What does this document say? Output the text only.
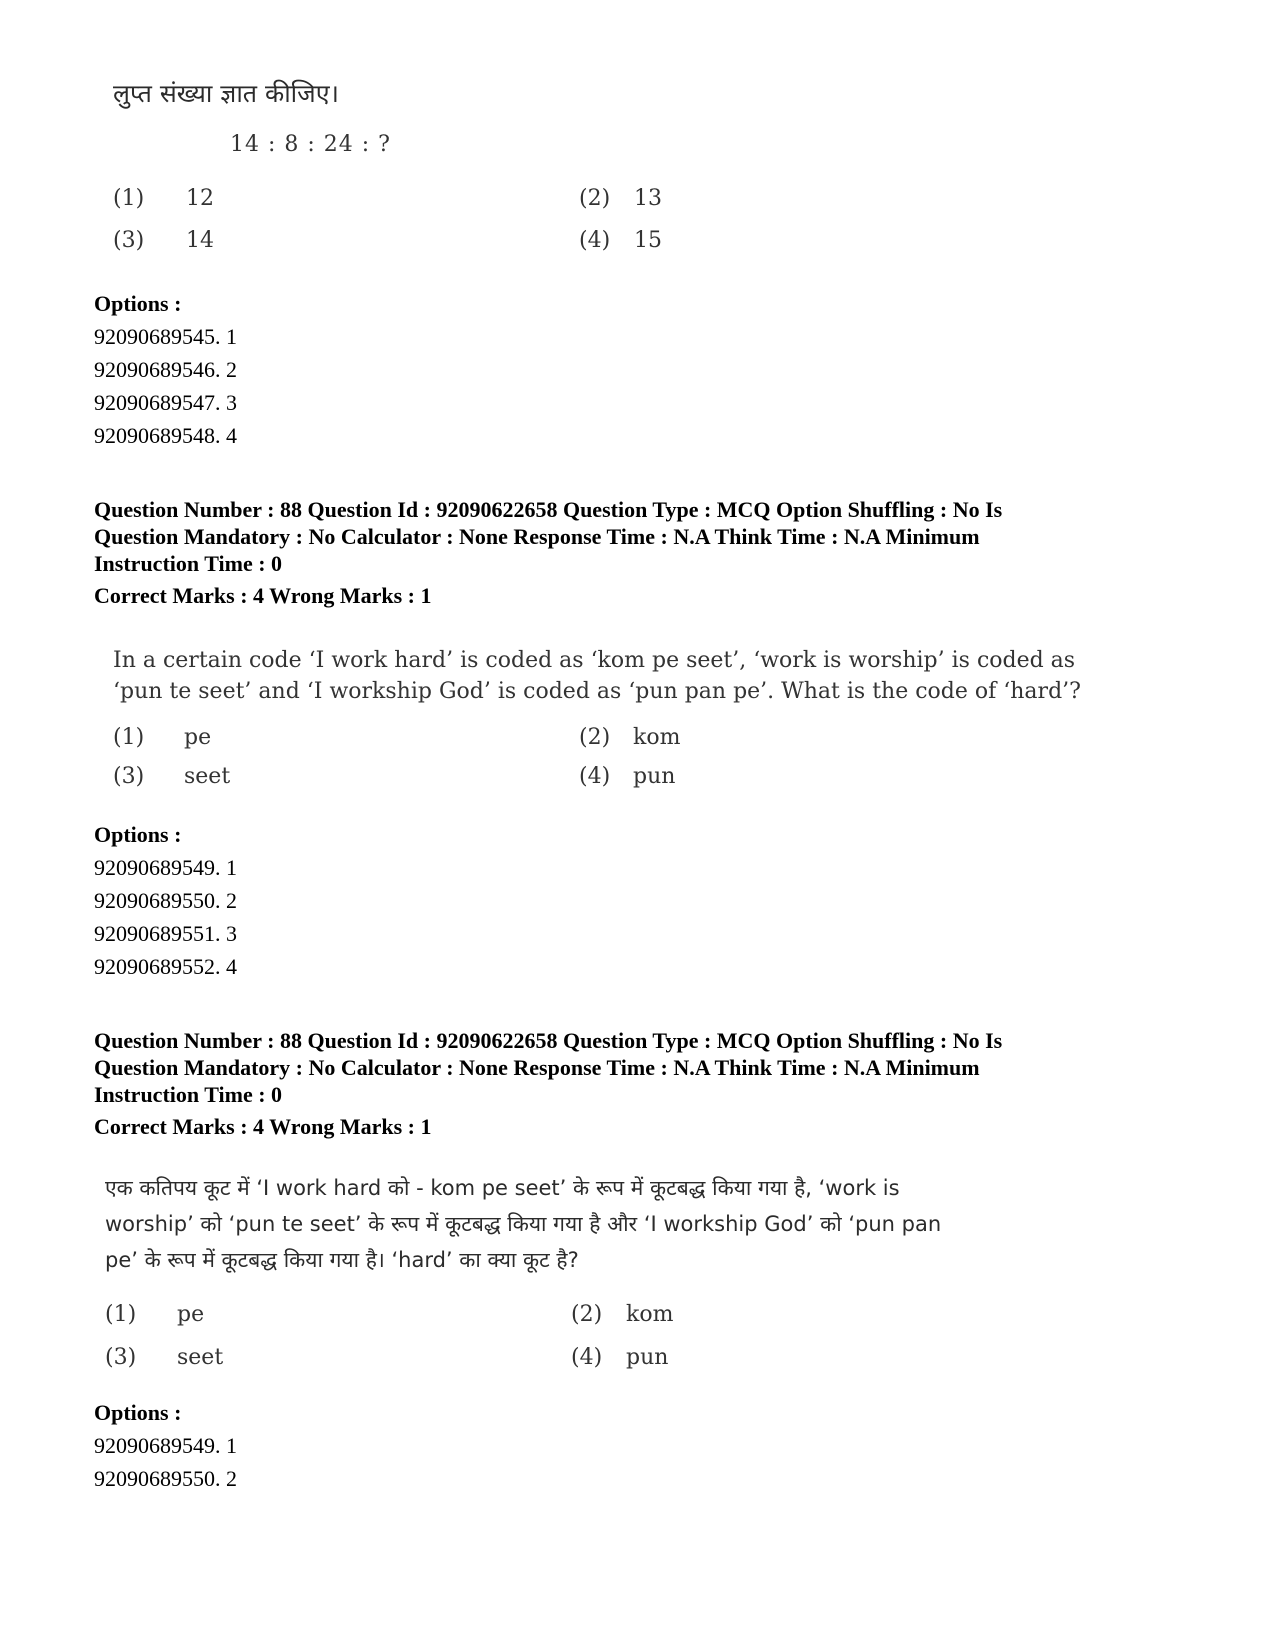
लुप्त संख्या ज्ञात कीजिए।
14 : 8 : 24 : ?
(1) 12	(2) 13
(3) 14	(4) 15
Options :
92090689545. 1
92090689546. 2
92090689547. 3
92090689548. 4
Question Number : 88 Question Id : 92090622658 Question Type : MCQ Option Shuffling : No Is
Question Mandatory : No Calculator : None Response Time : N.A Think Time : N.A Minimum
Instruction Time : 0
Correct Marks : 4 Wrong Marks : 1
In a certain code ‘I work hard’ is coded as ‘kom pe seet’, ‘work is worship’ is coded as
‘pun te seet’ and ‘I workship God’ is coded as ‘pun pan pe’. What is the code of ‘hard’?
(1) pe	(2) kom
(3) seet	(4) pun
Options :
92090689549. 1
92090689550. 2
92090689551. 3
92090689552. 4
Question Number : 88 Question Id : 92090622658 Question Type : MCQ Option Shuffling : No Is
Question Mandatory : No Calculator : None Response Time : N.A Think Time : N.A Minimum
Instruction Time : 0
Correct Marks : 4 Wrong Marks : 1
एक कतिपय कूट में ‘I work hard को - kom pe seet’ के रूप में कूटबद्ध किया गया है, ‘work is
worship’ को ‘pun te seet’ के रूप में कूटबद्ध किया गया है और ‘I workship God’ को ‘pun pan
pe’ के रूप में कूटबद्ध किया गया है। ‘hard’ का क्या कूट है?
(1) pe	(2) kom
(3) seet	(4) pun
Options :
92090689549. 1
92090689550. 2
